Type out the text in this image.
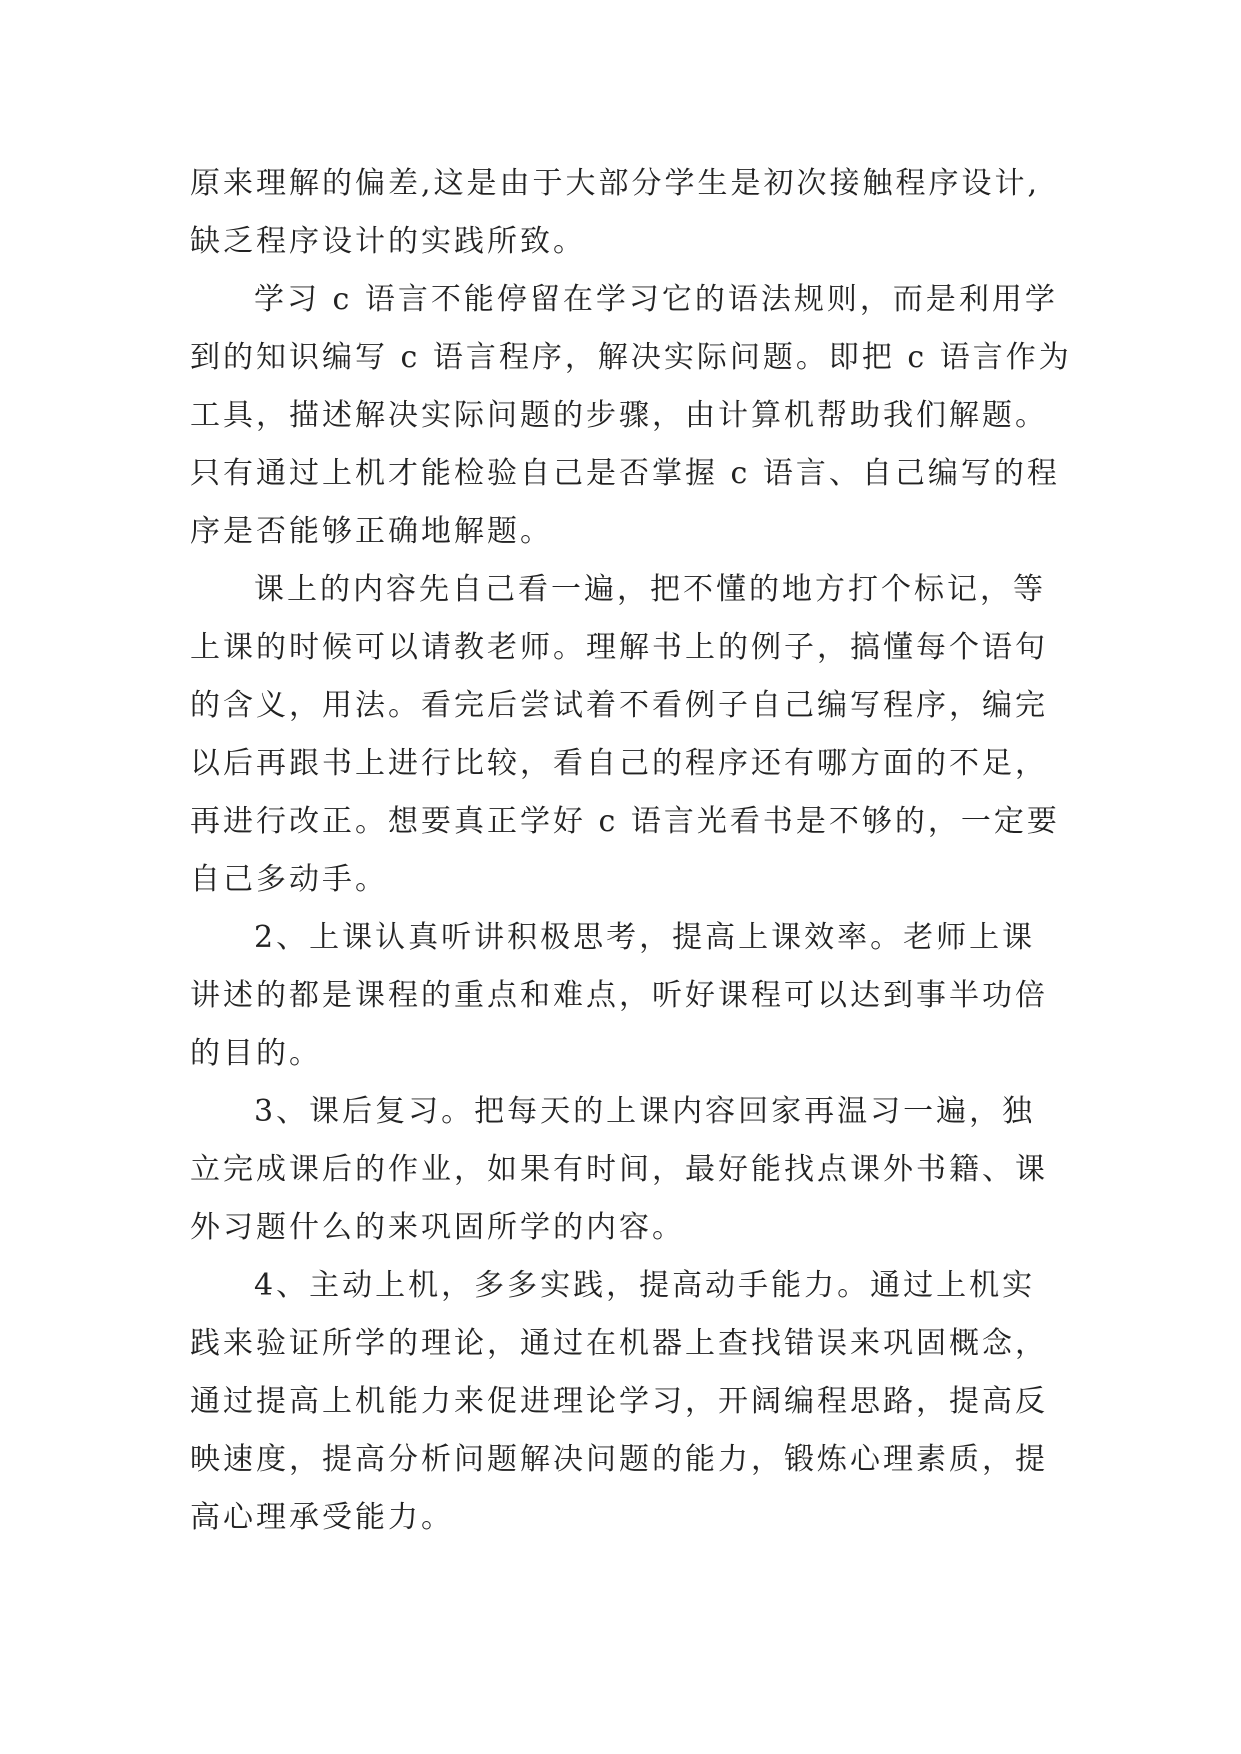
原来理解的偏差,这是由于大部分学生是初次接触程序设计,
缺乏程序设计的实践所致。
学习 c 语言不能停留在学习它的语法规则，而是利用学
到的知识编写 c 语言程序，解决实际问题。即把 c 语言作为
工具，描述解决实际问题的步骤，由计算机帮助我们解题。
只有通过上机才能检验自己是否掌握 c 语言、自己编写的程
序是否能够正确地解题。
课上的内容先自己看一遍，把不懂的地方打个标记，等
上课的时候可以请教老师。理解书上的例子，搞懂每个语句
的含义，用法。看完后尝试着不看例子自己编写程序，编完
以后再跟书上进行比较，看自己的程序还有哪方面的不足，
再进行改正。想要真正学好 c 语言光看书是不够的，一定要
自己多动手。
2、上课认真听讲积极思考，提高上课效率。老师上课
讲述的都是课程的重点和难点，听好课程可以达到事半功倍
的目的。
3、课后复习。把每天的上课内容回家再温习一遍，独
立完成课后的作业，如果有时间，最好能找点课外书籍、课
外习题什么的来巩固所学的内容。
4、主动上机，多多实践，提高动手能力。通过上机实
践来验证所学的理论，通过在机器上查找错误来巩固概念，
通过提高上机能力来促进理论学习，开阔编程思路，提高反
映速度，提高分析问题解决问题的能力，锻炼心理素质，提
高心理承受能力。
